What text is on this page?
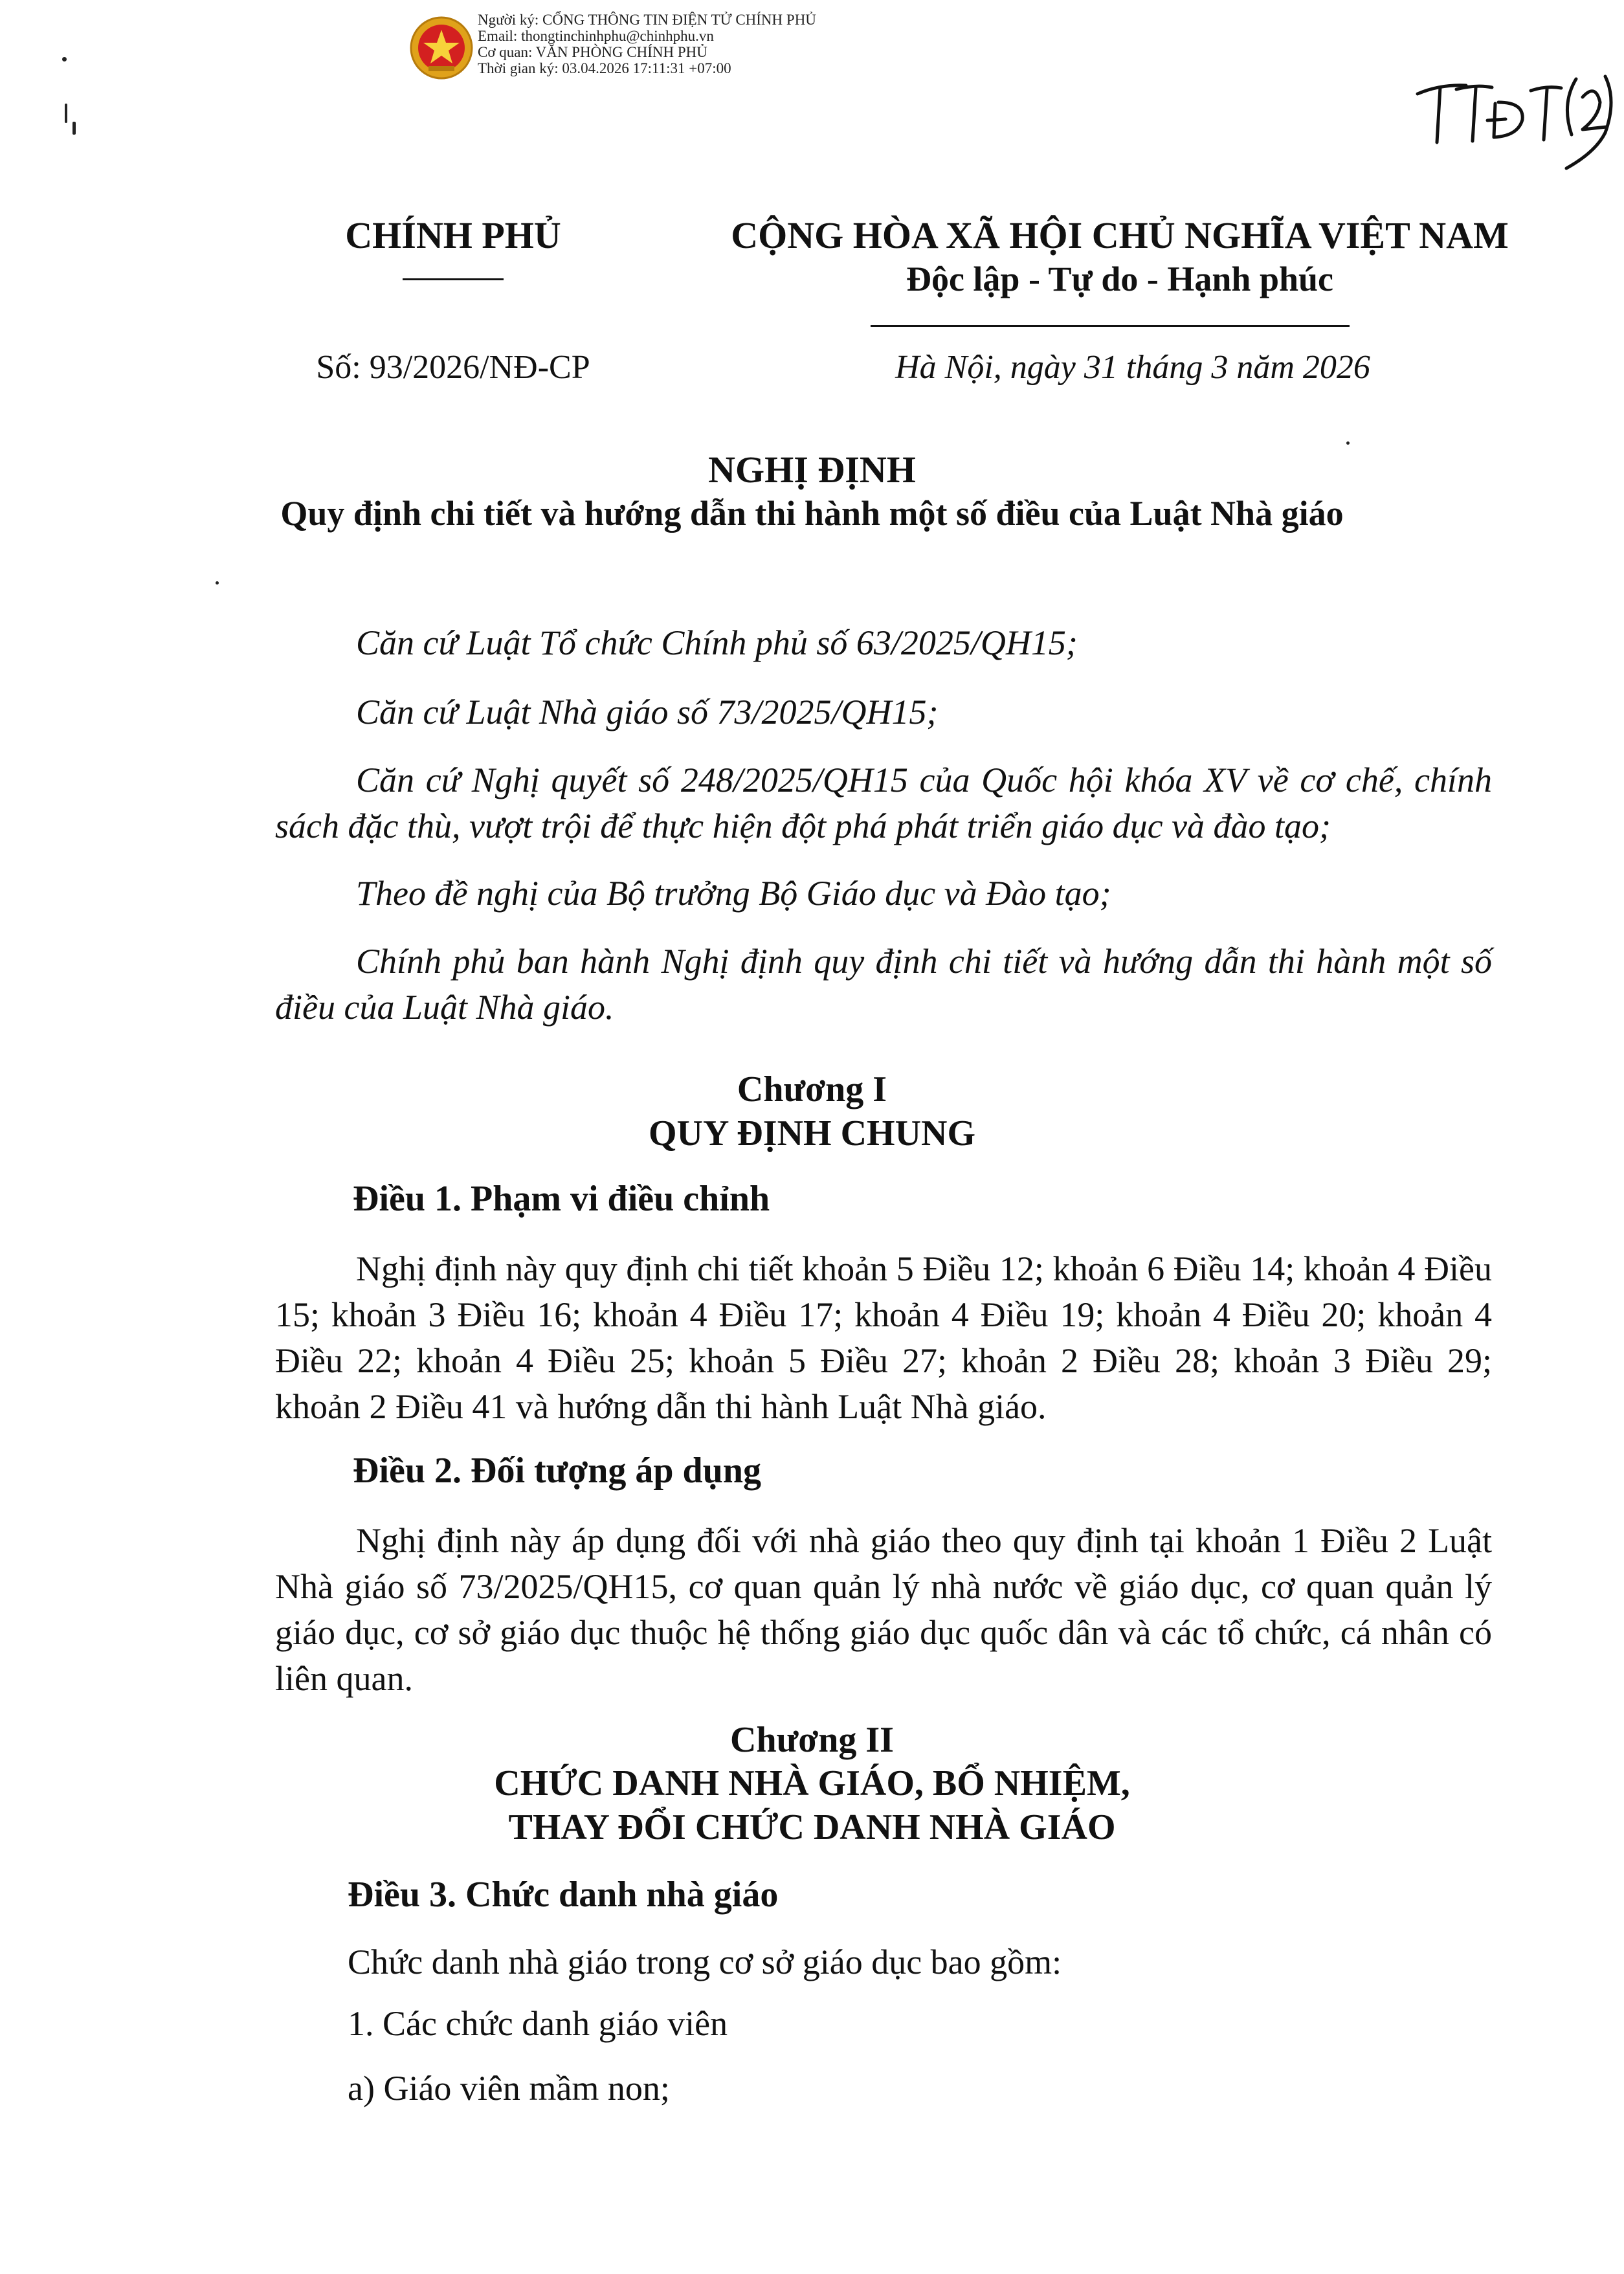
Người ký: CỔNG THÔNG TIN ĐIỆN TỬ CHÍNH PHỦ
Email: thongtinchinhphu@chinhphu.vn
Cơ quan: VĂN PHÒNG CHÍNH PHỦ
Thời gian ký: 03.04.2026 17:11:31 +07:00
CHÍNH PHỦ	CỘNG HÒA XÃ HỘI CHỦ NGHĨA VIỆT NAM
Độc lập - Tự do - Hạnh phúc
Số: 93/2026/NĐ-CP	Hà Nội, ngày 31 tháng 3 năm 2026
NGHỊ ĐỊNH
Quy định chi tiết và hướng dẫn thi hành một số điều của Luật Nhà giáo
Căn cứ Luật Tổ chức Chính phủ số 63/2025/QH15;
Căn cứ Luật Nhà giáo số 73/2025/QH15;
Căn cứ Nghị quyết số 248/2025/QH15 của Quốc hội khóa XV về cơ chế, chính sách đặc thù, vượt trội để thực hiện đột phá phát triển giáo dục và đào tạo;
Theo đề nghị của Bộ trưởng Bộ Giáo dục và Đào tạo;
Chính phủ ban hành Nghị định quy định chi tiết và hướng dẫn thi hành một số điều của Luật Nhà giáo.
Chương I
QUY ĐỊNH CHUNG
Điều 1. Phạm vi điều chỉnh
Nghị định này quy định chi tiết khoản 5 Điều 12; khoản 6 Điều 14; khoản 4 Điều 15; khoản 3 Điều 16; khoản 4 Điều 17; khoản 4 Điều 19; khoản 4 Điều 20; khoản 4 Điều 22; khoản 4 Điều 25; khoản 5 Điều 27; khoản 2 Điều 28; khoản 3 Điều 29; khoản 2 Điều 41 và hướng dẫn thi hành Luật Nhà giáo.
Điều 2. Đối tượng áp dụng
Nghị định này áp dụng đối với nhà giáo theo quy định tại khoản 1 Điều 2 Luật Nhà giáo số 73/2025/QH15, cơ quan quản lý nhà nước về giáo dục, cơ quan quản lý giáo dục, cơ sở giáo dục thuộc hệ thống giáo dục quốc dân và các tổ chức, cá nhân có liên quan.
Chương II
CHỨC DANH NHÀ GIÁO, BỔ NHIỆM,
THAY ĐỔI CHỨC DANH NHÀ GIÁO
Điều 3. Chức danh nhà giáo
Chức danh nhà giáo trong cơ sở giáo dục bao gồm:
1. Các chức danh giáo viên
a) Giáo viên mầm non;
